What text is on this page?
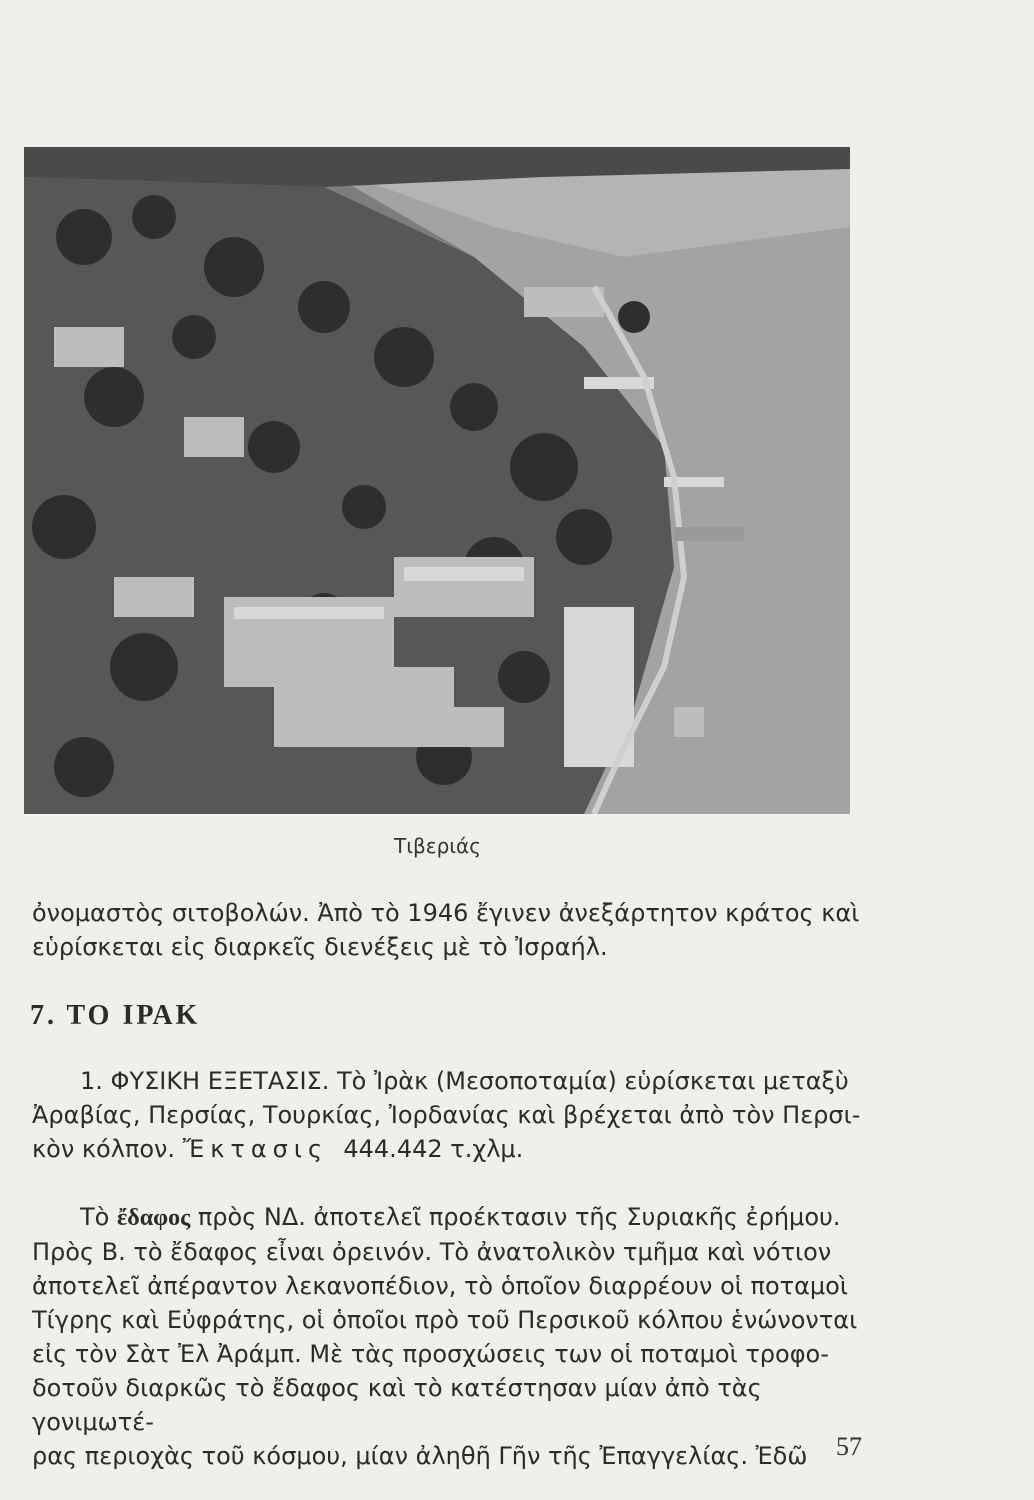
Τιβεριάς
ὀνομαστὸς σιτοβολών. Ἀπὸ τὸ 1946 ἔγινεν ἀνεξάρτητον κράτος καὶ
εὑρίσκεται εἰς διαρκεῖς διενέξεις μὲ τὸ Ἰσραήλ.
7. ΤΟ ΙΡΑΚ
1. ΦΥΣΙΚΗ ΕΞΕΤΑΣΙΣ. Τὸ Ἰρὰκ (Μεσοποταμία) εὑρίσκεται μεταξὺ
Ἀραβίας, Περσίας, Τουρκίας, Ἰορδανίας καὶ βρέχεται ἀπὸ τὸν Περσι-
κὸν κόλπον. Ἔκτασις 444.442 τ.χλμ.
Τὸ ἔδαφος πρὸς ΝΔ. ἀποτελεῖ προέκτασιν τῆς Συριακῆς ἐρήμου.
Πρὸς Β. τὸ ἔδαφος εἶναι ὀρεινόν. Τὸ ἀνατολικὸν τμῆμα καὶ νότιον
ἀποτελεῖ ἀπέραντον λεκανοπέδιον, τὸ ὁποῖον διαρρέουν οἱ ποταμοὶ
Τίγρης καὶ Εὐφράτης, οἱ ὁποῖοι πρὸ τοῦ Περσικοῦ κόλπου ἑνώνονται
εἰς τὸν Σὰτ Ἐλ Ἀράμπ. Μὲ τὰς προσχώσεις των οἱ ποταμοὶ τροφο-
δοτοῦν διαρκῶς τὸ ἔδαφος καὶ τὸ κατέστησαν μίαν ἀπὸ τὰς γονιμωτέ-
ρας περιοχὰς τοῦ κόσμου, μίαν ἀληθῆ Γῆν τῆς Ἐπαγγελίας. Ἐδῶ	57
